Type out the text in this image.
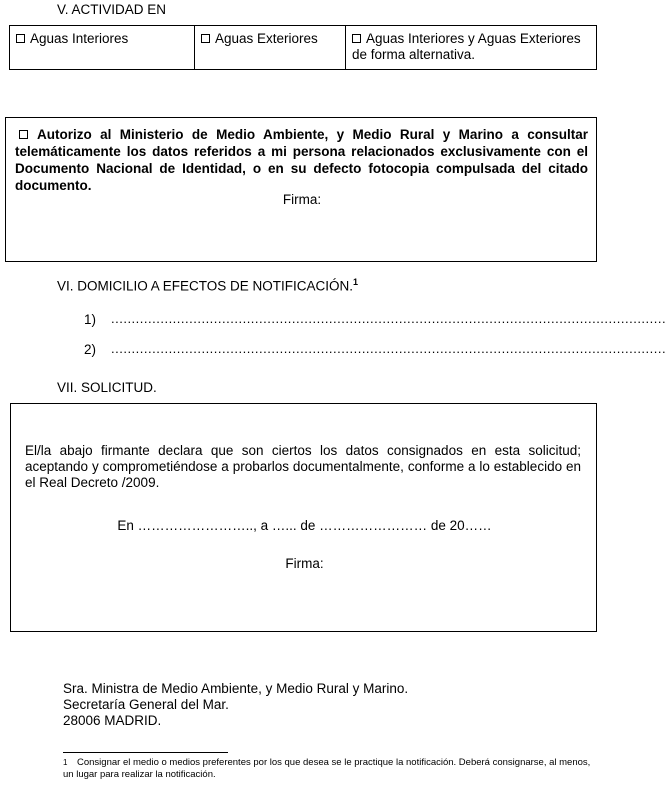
V. ACTIVIDAD EN
Aguas Interiores	Aguas Exteriores	Aguas Interiores y Aguas Exteriores de forma alternativa.
Autorizo al Ministerio de Medio Ambiente, y Medio Rural y Marino a consultar telemáticamente los datos referidos a mi persona relacionados exclusivamente con el Documento Nacional de Identidad, o en su defecto fotocopia compulsada del citado documento.
Firma:
VI. DOMICILIO A EFECTOS DE NOTIFICACIÓN.$^1$
1) .......................................................................................................................................
2) .......................................................................................................................................
VII. SOLICITUD.
El/la abajo firmante declara que son ciertos los datos consignados en esta solicitud; aceptando y comprometiéndose a probarlos documentalmente, conforme a lo establecido en el Real Decreto /2009.
En …………………….., a …... de …………………… de 20……
Firma:
Sra. Ministra de Medio Ambiente, y Medio Rural y Marino.
Secretaría General del Mar.
28006 MADRID.
1 Consignar el medio o medios preferentes por los que desea se le practique la notificación. Deberá consignarse, al menos, un lugar para realizar la notificación.
